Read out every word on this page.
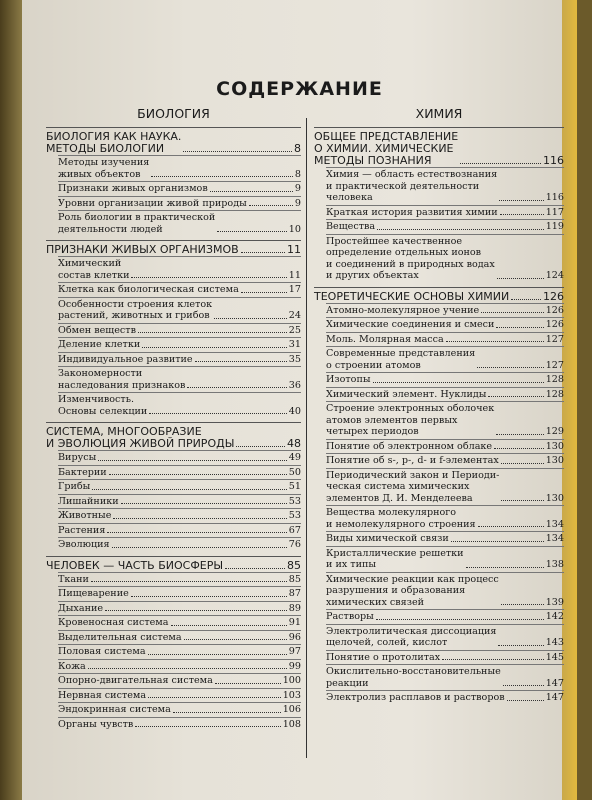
СОДЕРЖАНИЕ
БИОЛОГИЯ
БИОЛОГИЯ КАК НАУКА.
МЕТОДЫ БИОЛОГИИ	8
Методы изучения
живых объектов	8
Признаки живых организмов	9
Уровни организации живой природы	9
Роль биологии в практической
деятельности людей	10
ПРИЗНАКИ ЖИВЫХ ОРГАНИЗМОВ	11
Химический
состав клетки	11
Клетка как биологическая система	17
Особенности строения клеток
растений, животных и грибов	24
Обмен веществ	25
Деление клетки	31
Индивидуальное развитие	35
Закономерности
наследования признаков	36
Изменчивость.
Основы селекции	40
СИСТЕМА, МНОГООБРАЗИЕ
И ЭВОЛЮЦИЯ ЖИВОЙ ПРИРОДЫ	48
Вирусы	49
Бактерии	50
Грибы	51
Лишайники	53
Животные	53
Растения	67
Эволюция	76
ЧЕЛОВЕК — ЧАСТЬ БИОСФЕРЫ	85
Ткани	85
Пищеварение	87
Дыхание	89
Кровеносная система	91
Выделительная система	96
Половая система	97
Кожа	99
Опорно-двигательная система	100
Нервная система	103
Эндокринная система	106
Органы чувств	108
ХИМИЯ
ОБЩЕЕ ПРЕДСТАВЛЕНИЕ
О ХИМИИ. ХИМИЧЕСКИЕ
МЕТОДЫ ПОЗНАНИЯ	116
Химия — область естествознания
и практической деятельности
человека	116
Краткая история развития химии	117
Вещества	119
Простейшее качественное
определение отдельных ионов
и соединений в природных водах
и других объектах	124
ТЕОРЕТИЧЕСКИЕ ОСНОВЫ ХИМИИ	126
Атомно-молекулярное учение	126
Химические соединения и смеси	126
Моль. Молярная масса	127
Современные представления
о строении атомов	127
Изотопы	128
Химический элемент. Нуклиды	128
Строение электронных оболочек
атомов элементов первых
четырех периодов	129
Понятие об электронном облаке	130
Понятие об s-, p-, d- и f-элементах	130
Периодический закон и Периоди-
ческая система химических
элементов Д. И. Менделеева	130
Вещества молекулярного
и немолекулярного строения	134
Виды химической связи	134
Кристаллические решетки
и их типы	138
Химические реакции как процесс
разрушения и образования
химических связей	139
Растворы	142
Электролитическая диссоциация
щелочей, солей, кислот	143
Понятие о протолитах	145
Окислительно-восстановительные
реакции	147
Электролиз расплавов и растворов	147
